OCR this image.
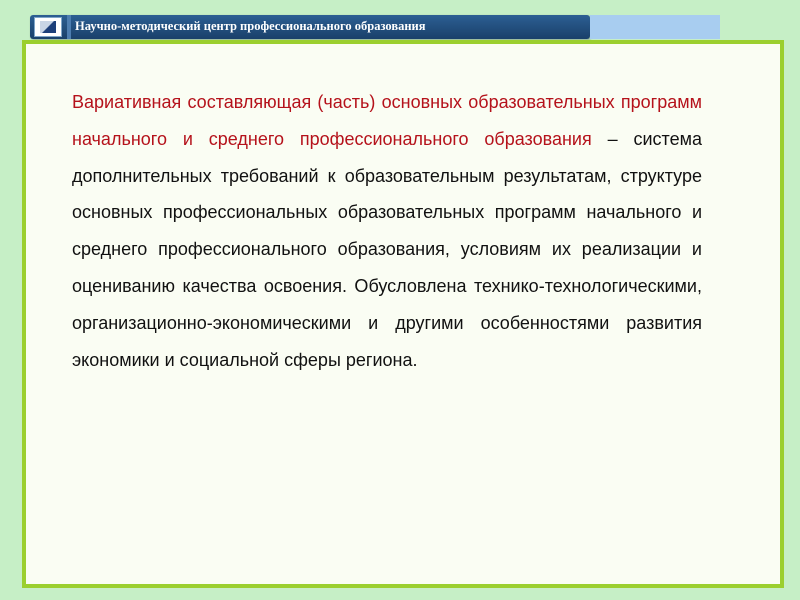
Научно-методический центр профессионального образования
Вариативная составляющая (часть) основных образовательных программ начального и среднего профессионального образования – система дополнительных требований к образовательным результатам, структуре основных профессиональных образовательных программ начального и среднего профессионального образования, условиям их реализации и оцениванию качества освоения. Обусловлена технико-технологическими, организационно-экономическими и другими особенностями развития экономики и социальной сферы региона.
